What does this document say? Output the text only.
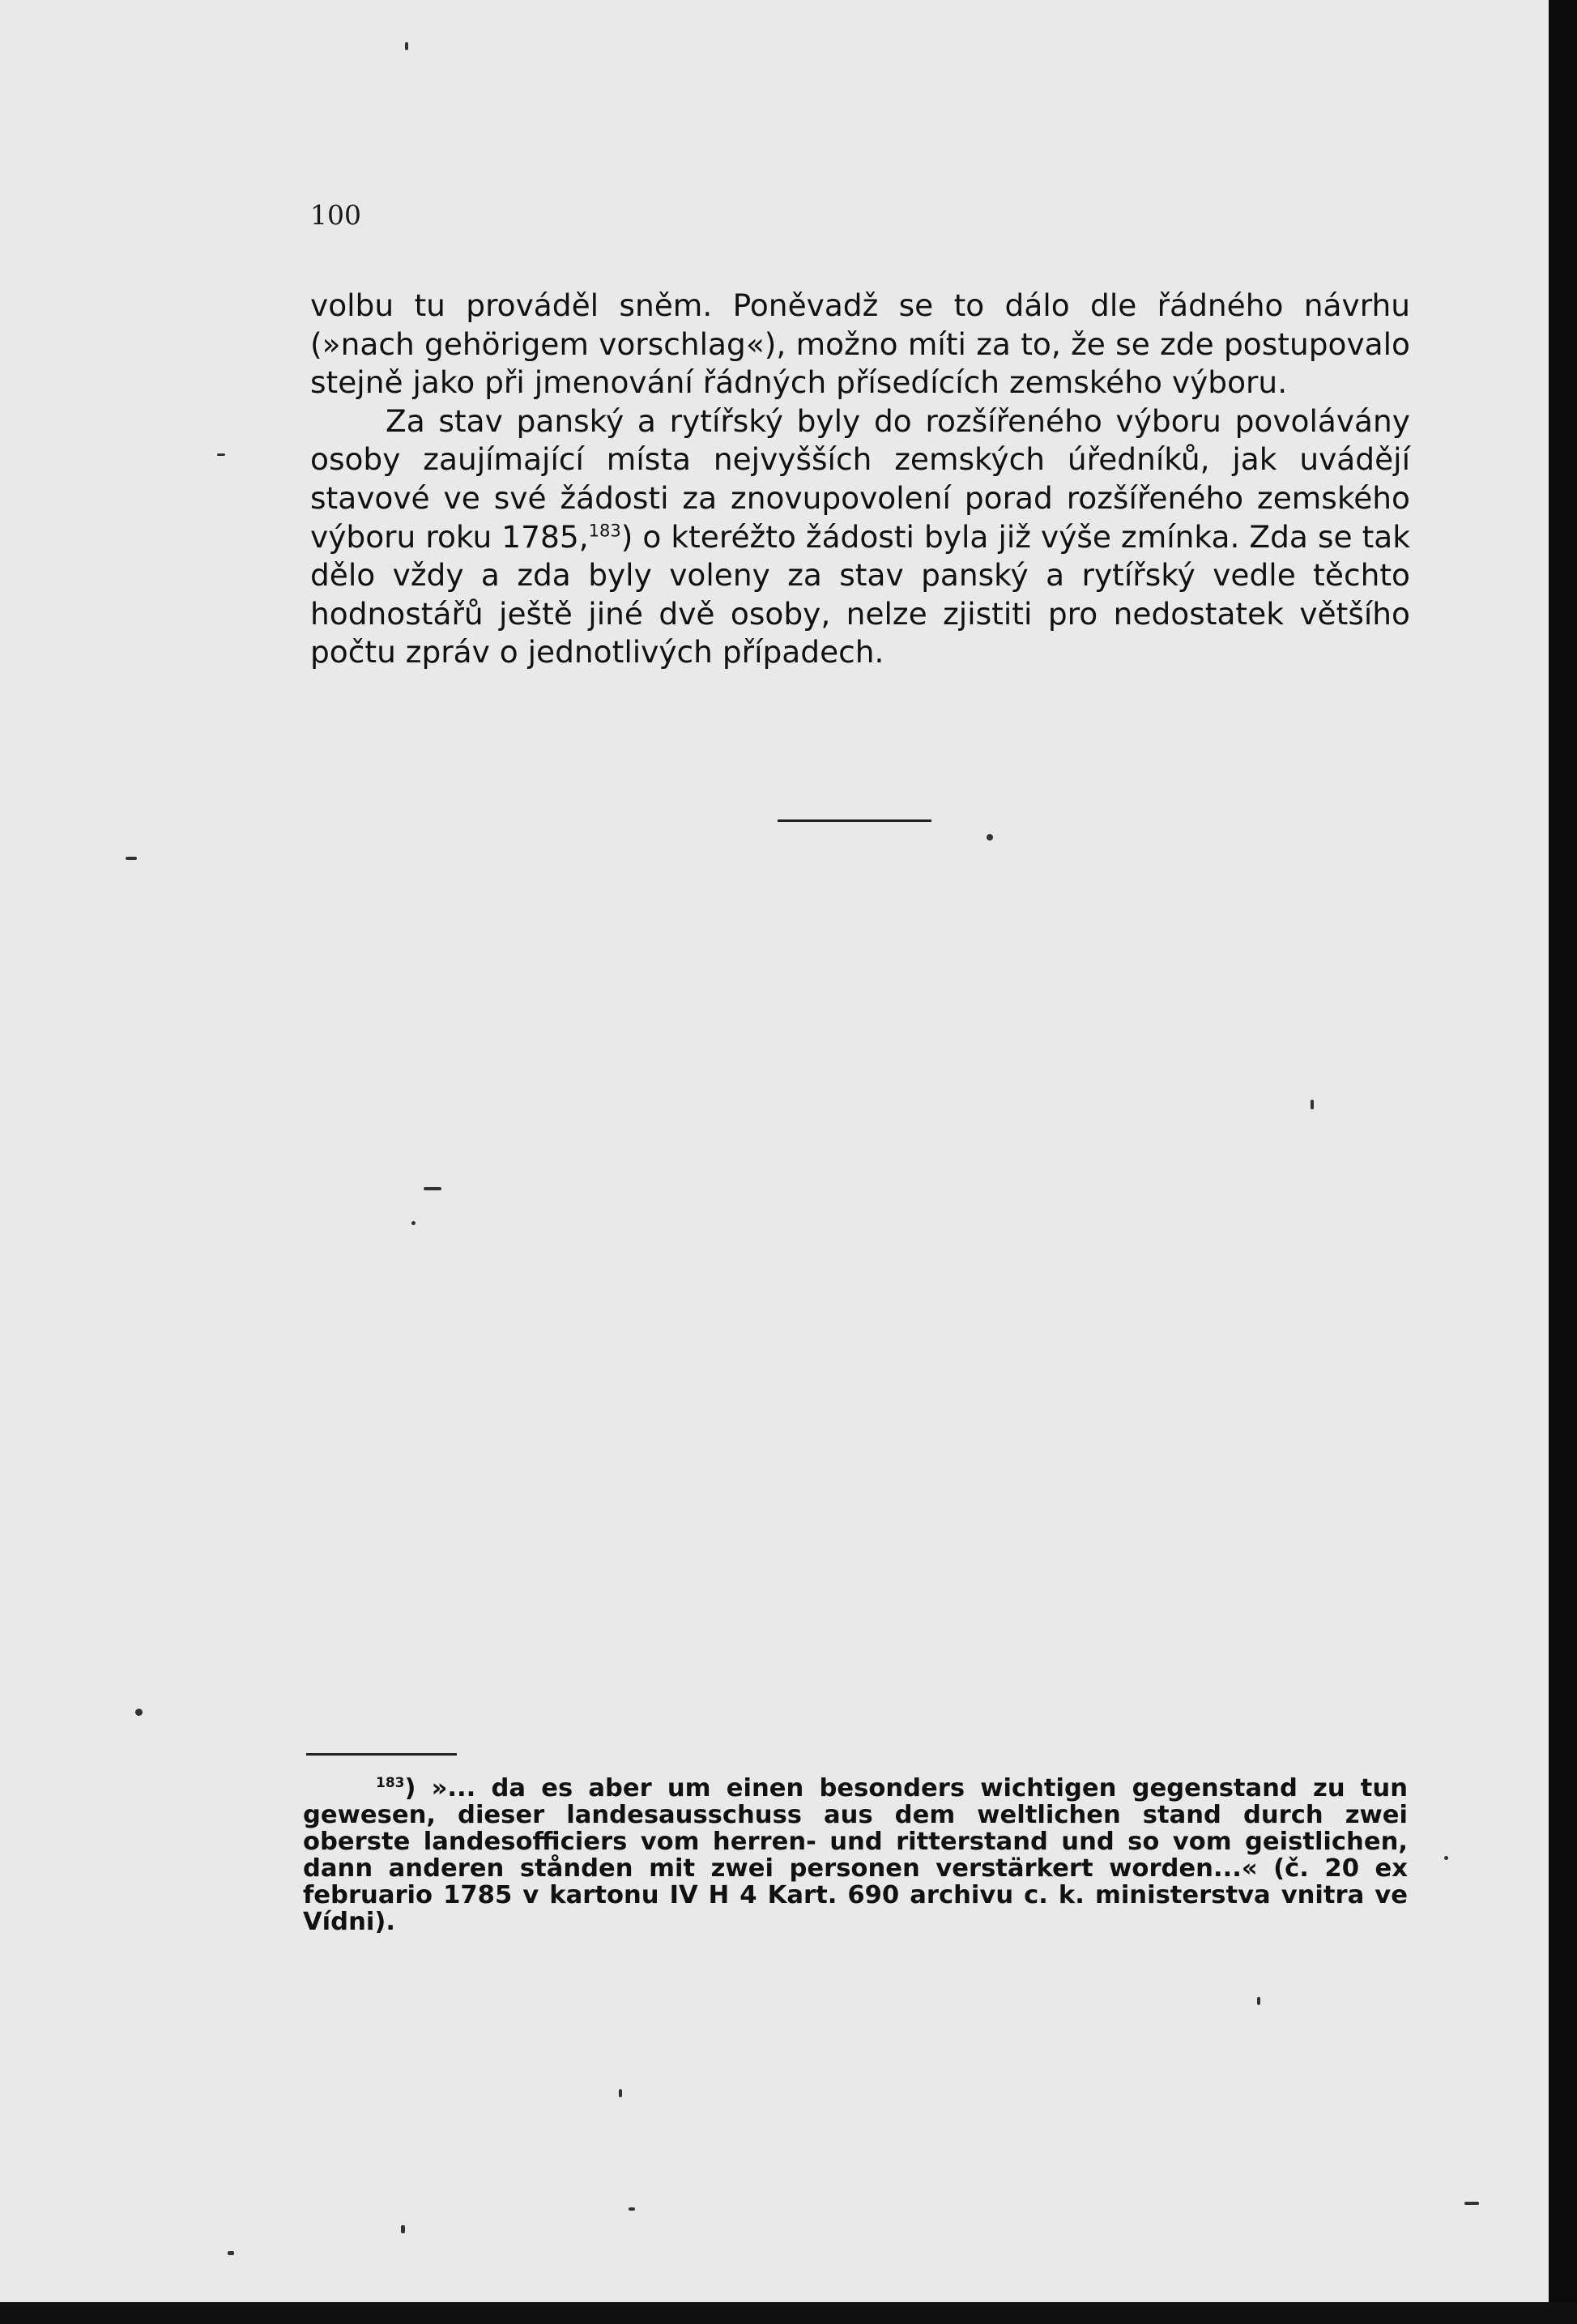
100

volbu tu prováděl sněm. Poněvadž se to dálo dle řádného návrhu (»nach gehörigem vorschlag«), možno míti za to, že se zde postupovalo stejně jako při jmenování řádných přísedících zemského výboru.

Za stav panský a rytířský byly do rozšířeného výboru povolávány osoby zaujímající místa nejvyšších zemských úředníků, jak uvádějí stavové ve své žádosti za znovupovolení porad rozšířeného zemského výboru roku 1785,$^{183}$) o kteréžto žádosti byla již výše zmínka. Zda se tak dělo vždy a zda byly voleny za stav panský a rytířský vedle těchto hodnostářů ještě jiné dvě osoby, nelze zjistiti pro nedostatek většího počtu zpráv o jednotlivých případech.

$^{183}$) »... da es aber um einen besonders wichtigen gegenstand zu tun gewesen, dieser landesausschuss aus dem weltlichen stand durch zwei oberste landesofficiers vom herren- und ritterstand und so vom geistlichen, dann anderen stånden mit zwei personen verstärkert worden...« (č. 20 ex februario 1785 v kartonu IV H 4 Kart. 690 archivu c. k. ministerstva vnitra ve Vídni).
